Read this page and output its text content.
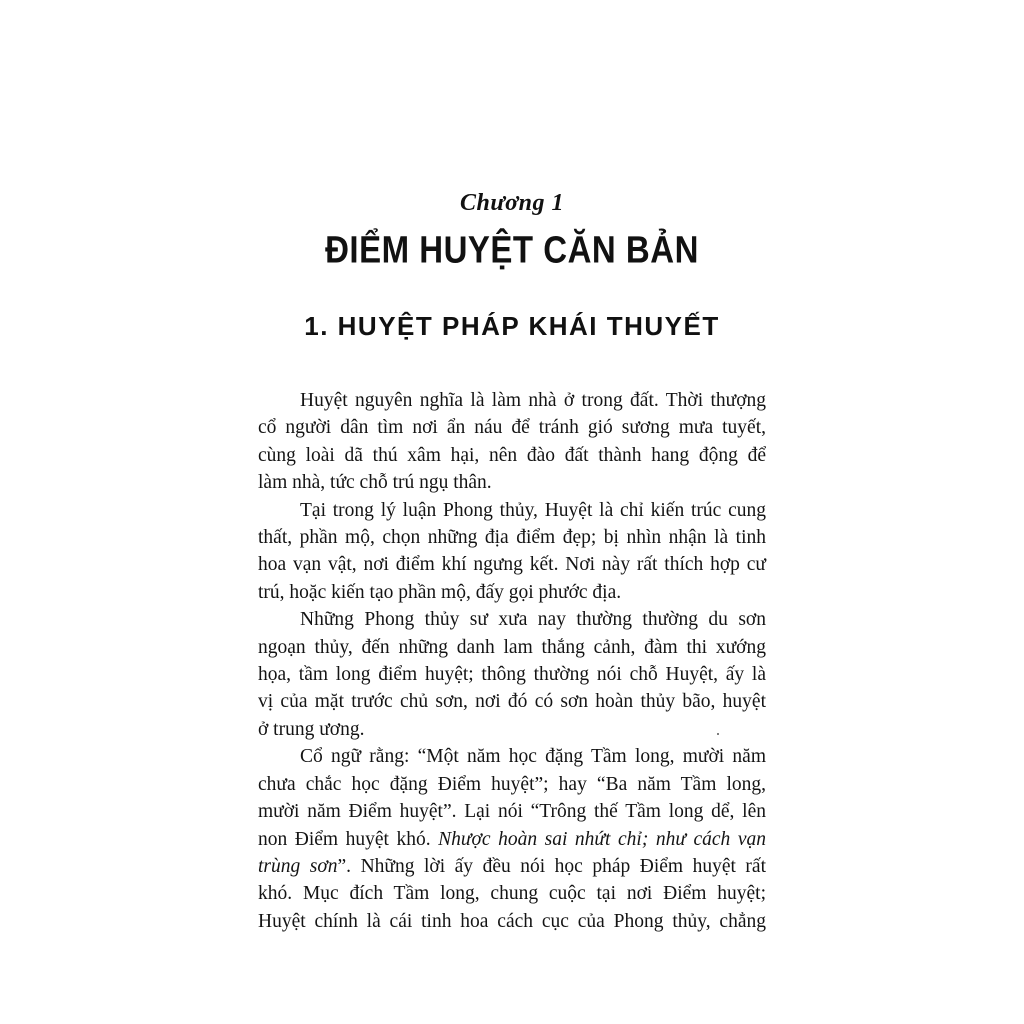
Chương 1
ĐIỂM HUYỆT CĂN BẢN
1. HUYỆT PHÁP KHÁI THUYẾT

Huyệt nguyên nghĩa là làm nhà ở trong đất. Thời thượng
cổ người dân tìm nơi ẩn náu để tránh gió sương mưa tuyết,
cùng loài dã thú xâm hại, nên đào đất thành hang động để
làm nhà, tức chỗ trú ngụ thân.

Tại trong lý luận Phong thủy, Huyệt là chỉ kiến trúc cung
thất, phần mộ, chọn những địa điểm đẹp; bị nhìn nhận là tinh
hoa vạn vật, nơi điểm khí ngưng kết. Nơi này rất thích hợp cư
trú, hoặc kiến tạo phần mộ, đấy gọi phước địa.

Những Phong thủy sư xưa nay thường thường du sơn
ngoạn thủy, đến những danh lam thắng cảnh, đàm thi xướng
họa, tầm long điểm huyệt; thông thường nói chỗ Huyệt, ấy là
vị của mặt trước chủ sơn, nơi đó có sơn hoàn thủy bão, huyệt
ở trung ương.

Cổ ngữ rằng: “Một năm học đặng Tầm long, mười năm
chưa chắc học đặng Điểm huyệt”; hay “Ba năm Tầm long,
mười năm Điểm huyệt”. Lại nói “Trông thế Tầm long dể, lên
non Điểm huyệt khó. Nhược hoàn sai nhứt chỉ; như cách vạn
trùng sơn”. Những lời ấy đều nói học pháp Điểm huyệt rất
khó. Mục đích Tầm long, chung cuộc tại nơi Điểm huyệt;
Huyệt chính là cái tinh hoa cách cục của Phong thủy, chẳng
